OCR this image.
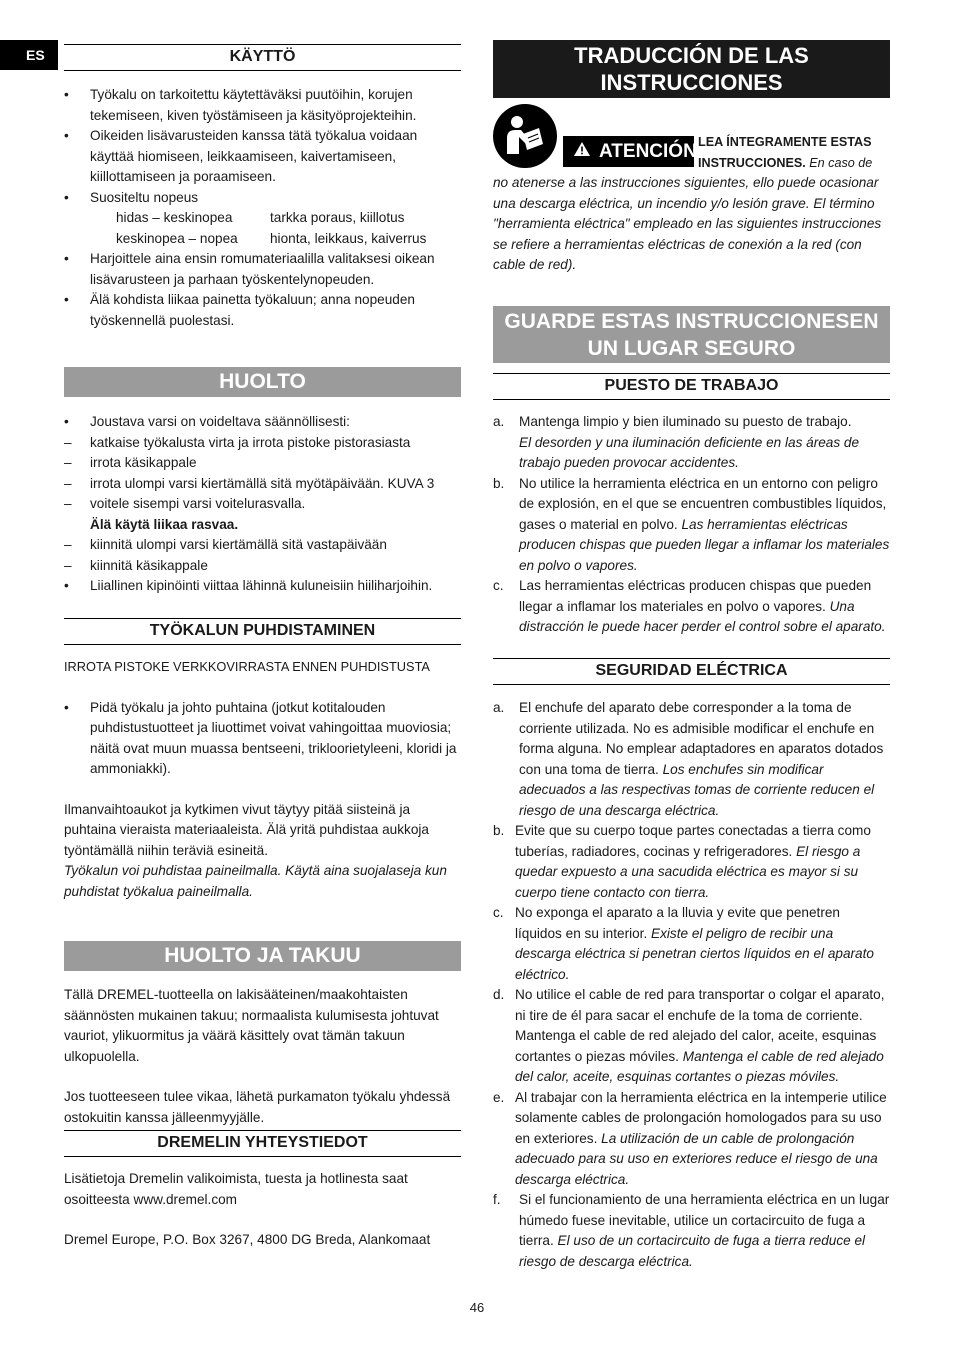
ES	KÄYTTÖ
• Työkalu on tarkoitettu käytettäväksi puutöihin, korujen tekemiseen, kiven työstämiseen ja käsityöprojekteihin.
• Oikeiden lisävarusteiden kanssa tätä työkalua voidaan käyttää hiomiseen, leikkaamiseen, kaivertamiseen, kiillottamiseen ja poraamiseen.
• Suositeltu nopeus
hidas – keskinopea	tarkka poraus, kiillotus
keskinopea – nopea	hionta, leikkaus, kaiverrus
• Harjoittele aina ensin romumateriaalilla valitaksesi oikean lisävarusteen ja parhaan työskentelynopeuden.
• Älä kohdista liikaa painetta työkaluun; anna nopeuden työskennellä puolestasi.
HUOLTO
• Joustava varsi on voideltava säännöllisesti:
– katkaise työkalusta virta ja irrota pistoke pistorasiasta
– irrota käsikappale
– irrota ulompi varsi kiertämällä sitä myötäpäivään. KUVA 3
– voitele sisempi varsi voitelurasvalla.
Älä käytä liikaa rasvaa.
– kiinnitä ulompi varsi kiertämällä sitä vastapäivään
– kiinnitä käsikappale
• Liiallinen kipinöinti viittaa lähinnä kuluneisiin hiiliharjoihin.
TYÖKALUN PUHDISTAMINEN

IRROTA PISTOKE VERKKOVIRRASTA ENNEN PUHDISTUSTA

• Pidä työkalu ja johto puhtaina (jotkut kotitalouden puhdistustuotteet ja liuottimet voivat vahingoittaa muoviosia; näitä ovat muun muassa bentseeni, trikloorietyleeni, kloridi ja ammoniakki).

Ilmanvaihtoaukot ja kytkimen vivut täytyy pitää siisteinä ja puhtaina vieraista materiaaleista. Älä yritä puhdistaa aukkoja työntämällä niihin teräviä esineitä.

Työkalun voi puhdistaa paineilmalla. Käytä aina suojalaseja kun puhdistat työkalua paineilmalla.

HUOLTO JA TAKUU

Tällä DREMEL-tuotteella on lakisääteinen/maakohtaisten säännösten mukainen takuu; normaalista kulumisesta johtuvat vauriot, ylikuormitus ja väärä käsittely ovat tämän takuun ulkopuolella.

Jos tuotteeseen tulee vikaa, lähetä purkamaton työkalu yhdessä ostokuitin kanssa jälleenmyyjälle.

DREMELIN YHTEYSTIEDOT

Lisätietoja Dremelin valikoimista, tuesta ja hotlinesta saat osoitteesta www.dremel.com

Dremel Europe, P.O. Box 3267, 4800 DG Breda, Alankomaat

TRADUCCIÓN DE LAS INSTRUCCIONES
ORIGINALES
ATENCIÓN LEA ÍNTEGRAMENTE ESTAS
INSTRUCCIONES. En caso de

no atenerse a las instrucciones siguientes, ello puede ocasionar una descarga eléctrica, un incendio y/o lesión grave. El término "herramienta eléctrica" empleado en las siguientes instrucciones se refiere a herramientas eléctricas de conexión a la red (con cable de red).

GUARDE ESTAS INSTRUCCIONESEN
UN LUGAR SEGURO
PUESTO DE TRABAJO
a. Mantenga limpio y bien iluminado su puesto de trabajo.
El desorden y una iluminación deficiente en las áreas de trabajo pueden provocar accidentes.
b. No utilice la herramienta eléctrica en un entorno con peligro de explosión, en el que se encuentren combustibles líquidos, gases o material en polvo. Las herramientas eléctricas producen chispas que pueden llegar a inflamar los materiales en polvo o vapores.
c. Las herramientas eléctricas producen chispas que pueden llegar a inflamar los materiales en polvo o vapores. Una distracción le puede hacer perder el control sobre el aparato.
SEGURIDAD ELÉCTRICA
a. El enchufe del aparato debe corresponder a la toma de corriente utilizada. No es admisible modificar el enchufe en forma alguna. No emplear adaptadores en aparatos dotados con una toma de tierra. Los enchufes sin modificar adecuados a las respectivas tomas de corriente reducen el riesgo de una descarga eléctrica.
b. Evite que su cuerpo toque partes conectadas a tierra como tuberías, radiadores, cocinas y refrigeradores. El riesgo a quedar expuesto a una sacudida eléctrica es mayor si su cuerpo tiene contacto con tierra.
c. No exponga el aparato a la lluvia y evite que penetren líquidos en su interior. Existe el peligro de recibir una descarga eléctrica si penetran ciertos líquidos en el aparato eléctrico.
d. No utilice el cable de red para transportar o colgar el aparato, ni tire de él para sacar el enchufe de la toma de corriente. Mantenga el cable de red alejado del calor, aceite, esquinas cortantes o piezas móviles. Mantenga el cable de red alejado del calor, aceite, esquinas cortantes o piezas móviles.
e. Al trabajar con la herramienta eléctrica en la intemperie utilice solamente cables de prolongación homologados para su uso en exteriores. La utilización de un cable de prolongación adecuado para su uso en exteriores reduce el riesgo de una descarga eléctrica.
f. Si el funcionamiento de una herramienta eléctrica en un lugar húmedo fuese inevitable, utilice un cortacircuito de fuga a tierra. El uso de un cortacircuito de fuga a tierra reduce el riesgo de descarga eléctrica.
46
